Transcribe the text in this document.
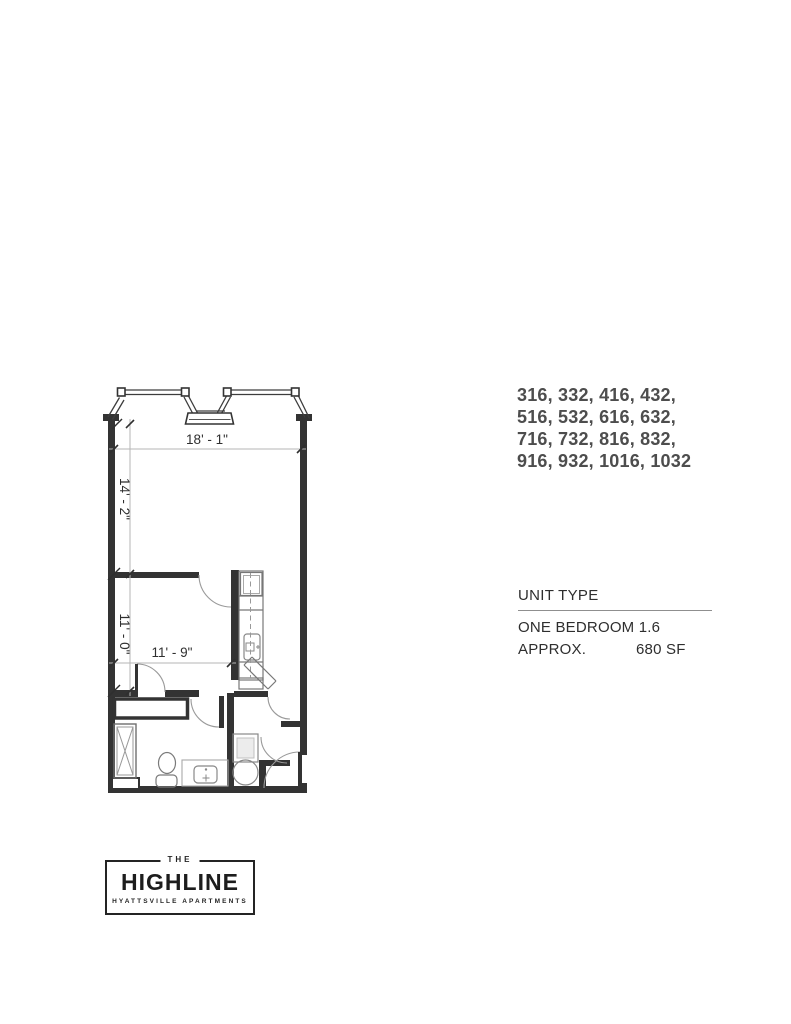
18' - 1"
14' - 2"
11' - 0" 11' - 9"
316, 332, 416, 432,
516, 532, 616, 632,
716, 732, 816, 832,
916, 932, 1016, 1032
UNIT TYPE
ONE BEDROOM 1.6
APPROX.	680 SF
THE
HIGHLINE
HYATTSVILLE APARTMENTS
